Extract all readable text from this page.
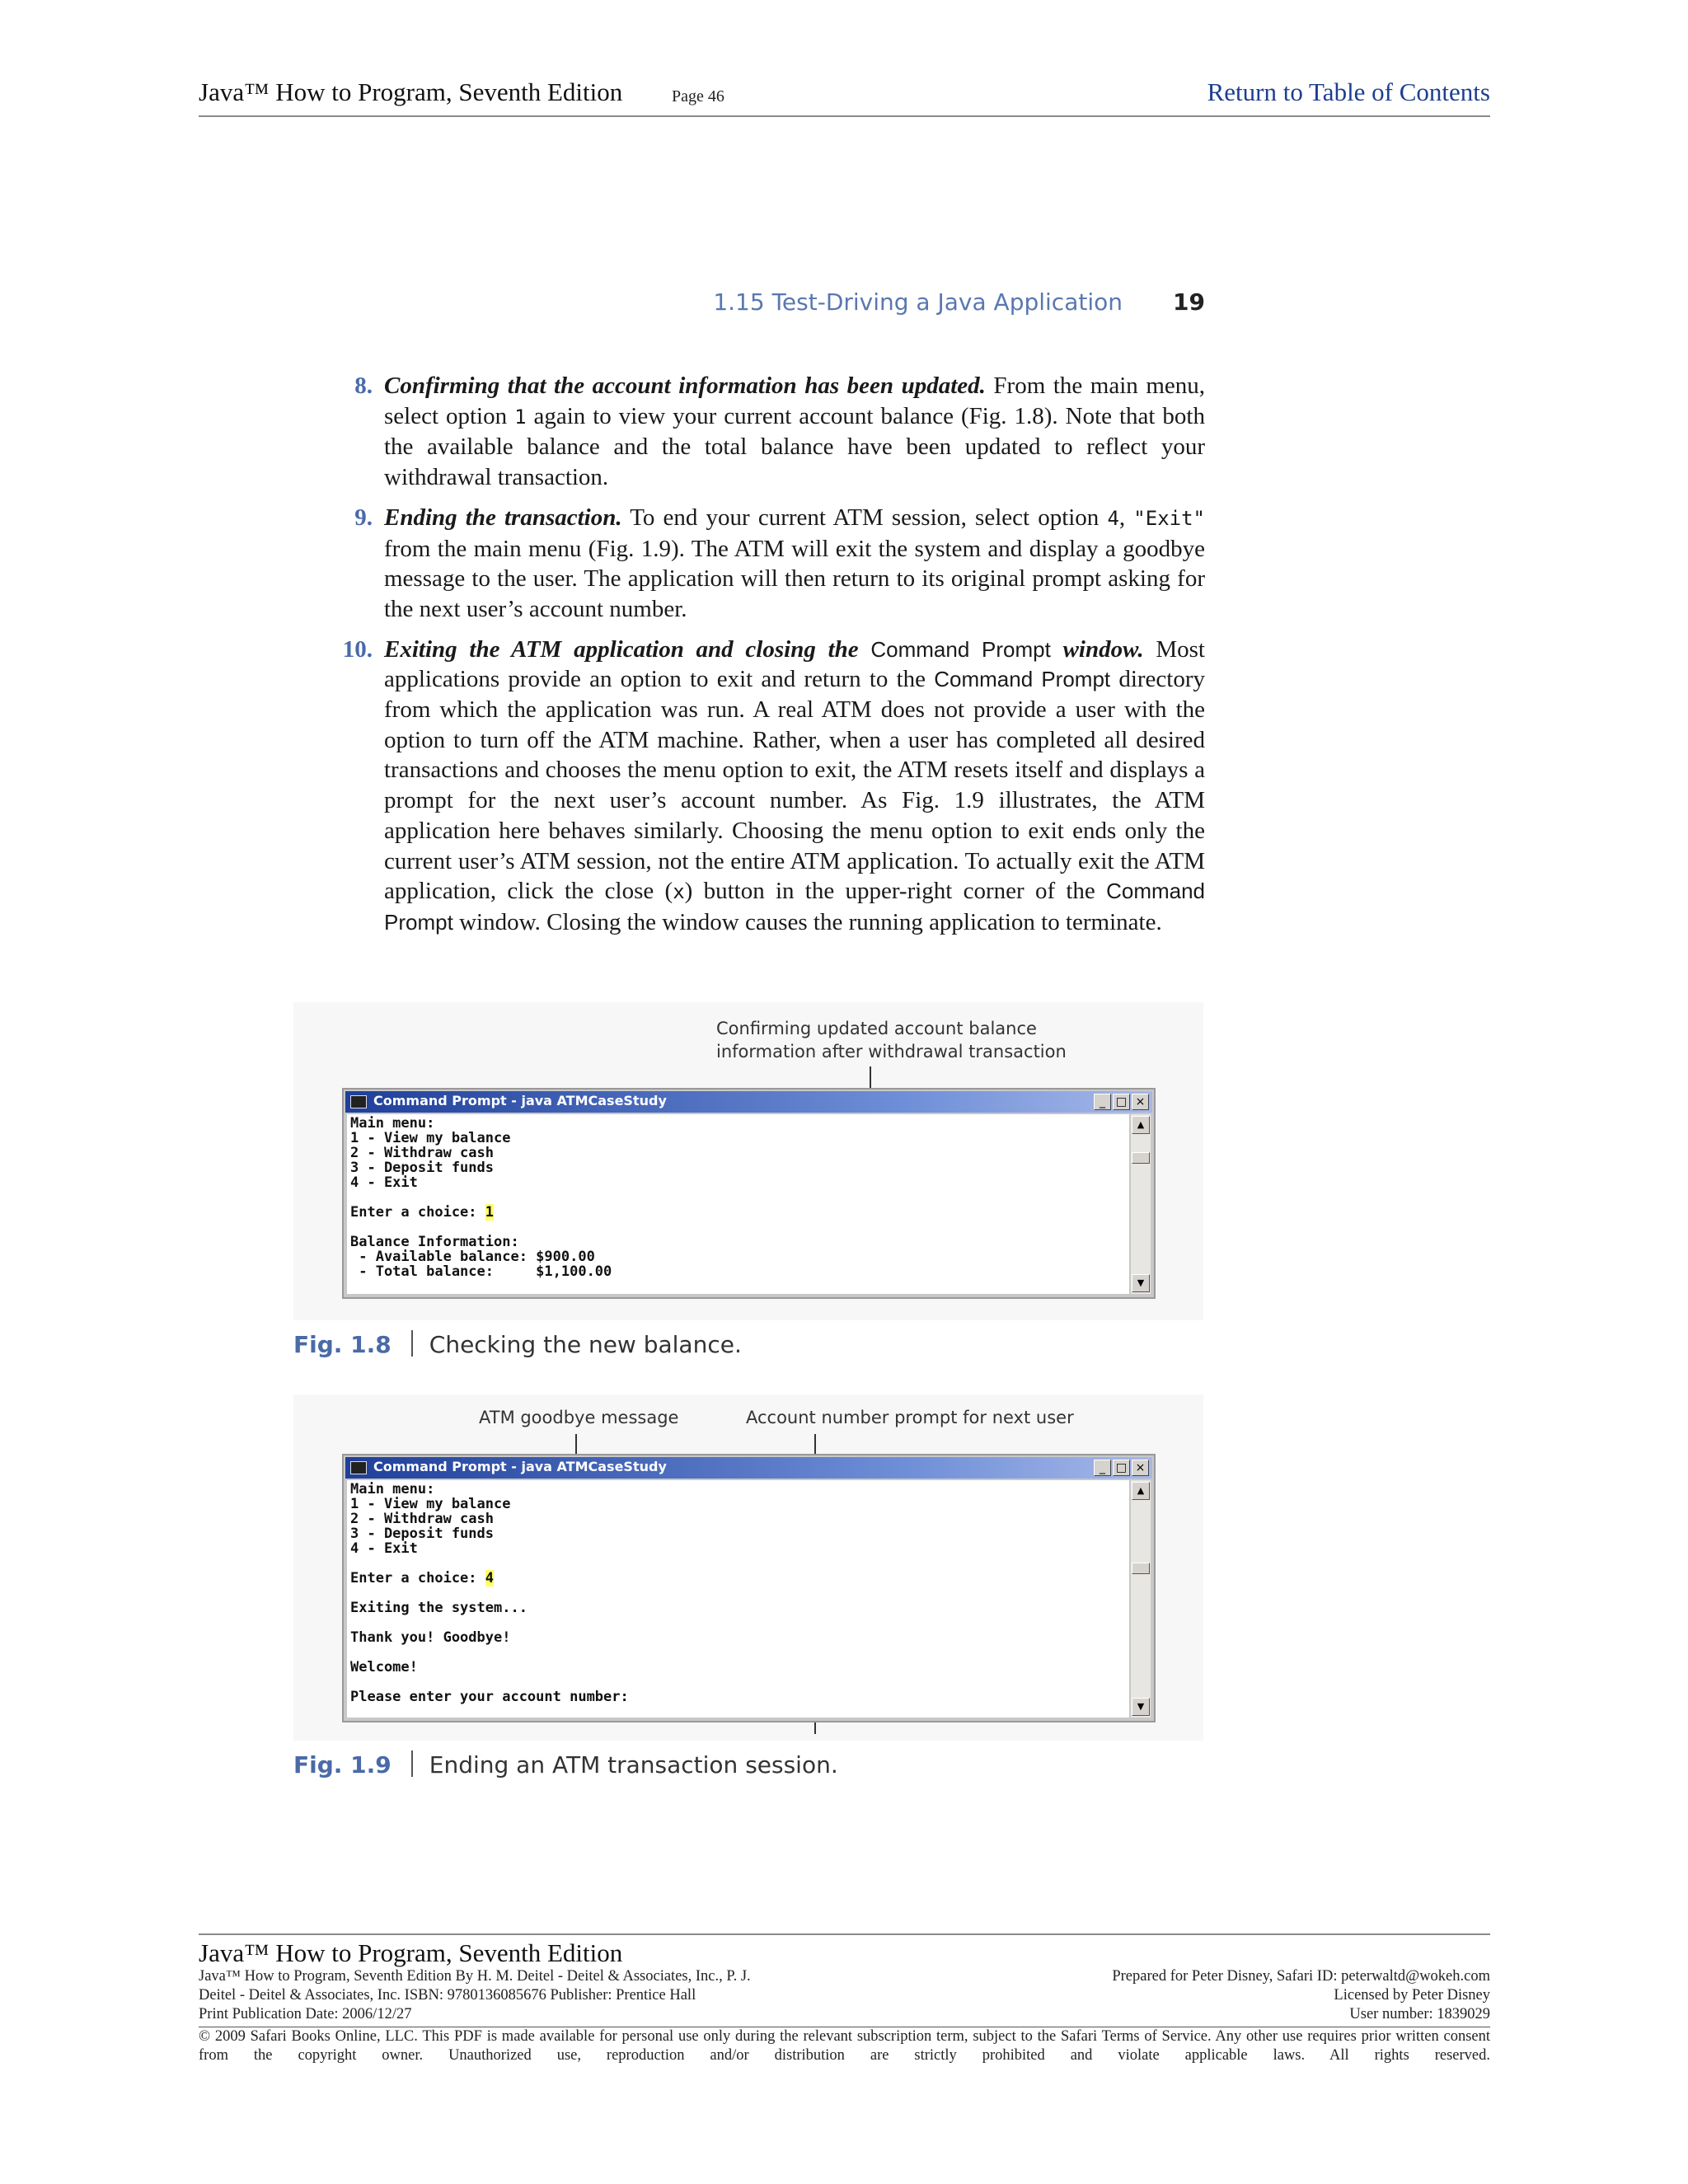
Java™ How to Program, Seventh Edition	Page 46	Return to Table of Contents
1.15 Test-Driving a Java Application 19

8. Confirming that the account information has been updated. From the main menu, select option 1 again to view your current account balance (Fig. 1.8). Note that both the available balance and the total balance have been updated to reflect your withdrawal transaction.

9. Ending the transaction. To end your current ATM session, select option 4, "Exit" from the main menu (Fig. 1.9). The ATM will exit the system and display a goodbye message to the user. The application will then return to its original prompt asking for the next user’s account number.

10. Exiting the ATM application and closing the Command Prompt window. Most applications provide an option to exit and return to the Command Prompt directory from which the application was run. A real ATM does not provide a user with the option to turn off the ATM machine. Rather, when a user has completed all desired transactions and chooses the menu option to exit, the ATM resets itself and displays a prompt for the next user’s account number. As Fig. 1.9 illustrates, the ATM application here behaves similarly. Choosing the menu option to exit ends only the current user’s ATM session, not the entire ATM application. To actually exit the ATM application, click the close (x) button in the upper-right corner of the Command Prompt window. Closing the window causes the running application to terminate.

Confirming updated account balance
information after withdrawal transaction
Command Prompt - java ATMCaseStudy	_ □ ×
Main menu:
1 - View my balance
2 - Withdraw cash
3 - Deposit funds
4 - Exit
Enter a choice: 1
Balance Information:
- Available balance: $900.00
- Total balance:     $1,100.00
▲
▼
Fig. 1.8 Checking the new balance.
ATM goodbye message	Account number prompt for next user
Command Prompt - java ATMCaseStudy	_ □ ×
Main menu:
1 - View my balance
2 - Withdraw cash
3 - Deposit funds
4 - Exit
Enter a choice: 4
Exiting the system...
Thank you! Goodbye!
Welcome!
Please enter your account number:
▲
▼
Fig. 1.9 Ending an ATM transaction session.
Java™ How to Program, Seventh Edition
Java™ How to Program, Seventh Edition By H. M. Deitel - Deitel & Associates, Inc., P. J.	Prepared for Peter Disney, Safari ID: peterwaltd@wokeh.com
Deitel - Deitel & Associates, Inc. ISBN: 9780136085676 Publisher: Prentice Hall	Licensed by Peter Disney
Print Publication Date: 2006/12/27	User number: 1839029
© 2009 Safari Books Online, LLC. This PDF is made available for personal use only during the relevant subscription term, subject to the Safari Terms of Service. Any other use requires prior written consent from the copyright owner. Unauthorized use, reproduction and/or distribution are strictly prohibited and violate applicable laws. All rights reserved.
